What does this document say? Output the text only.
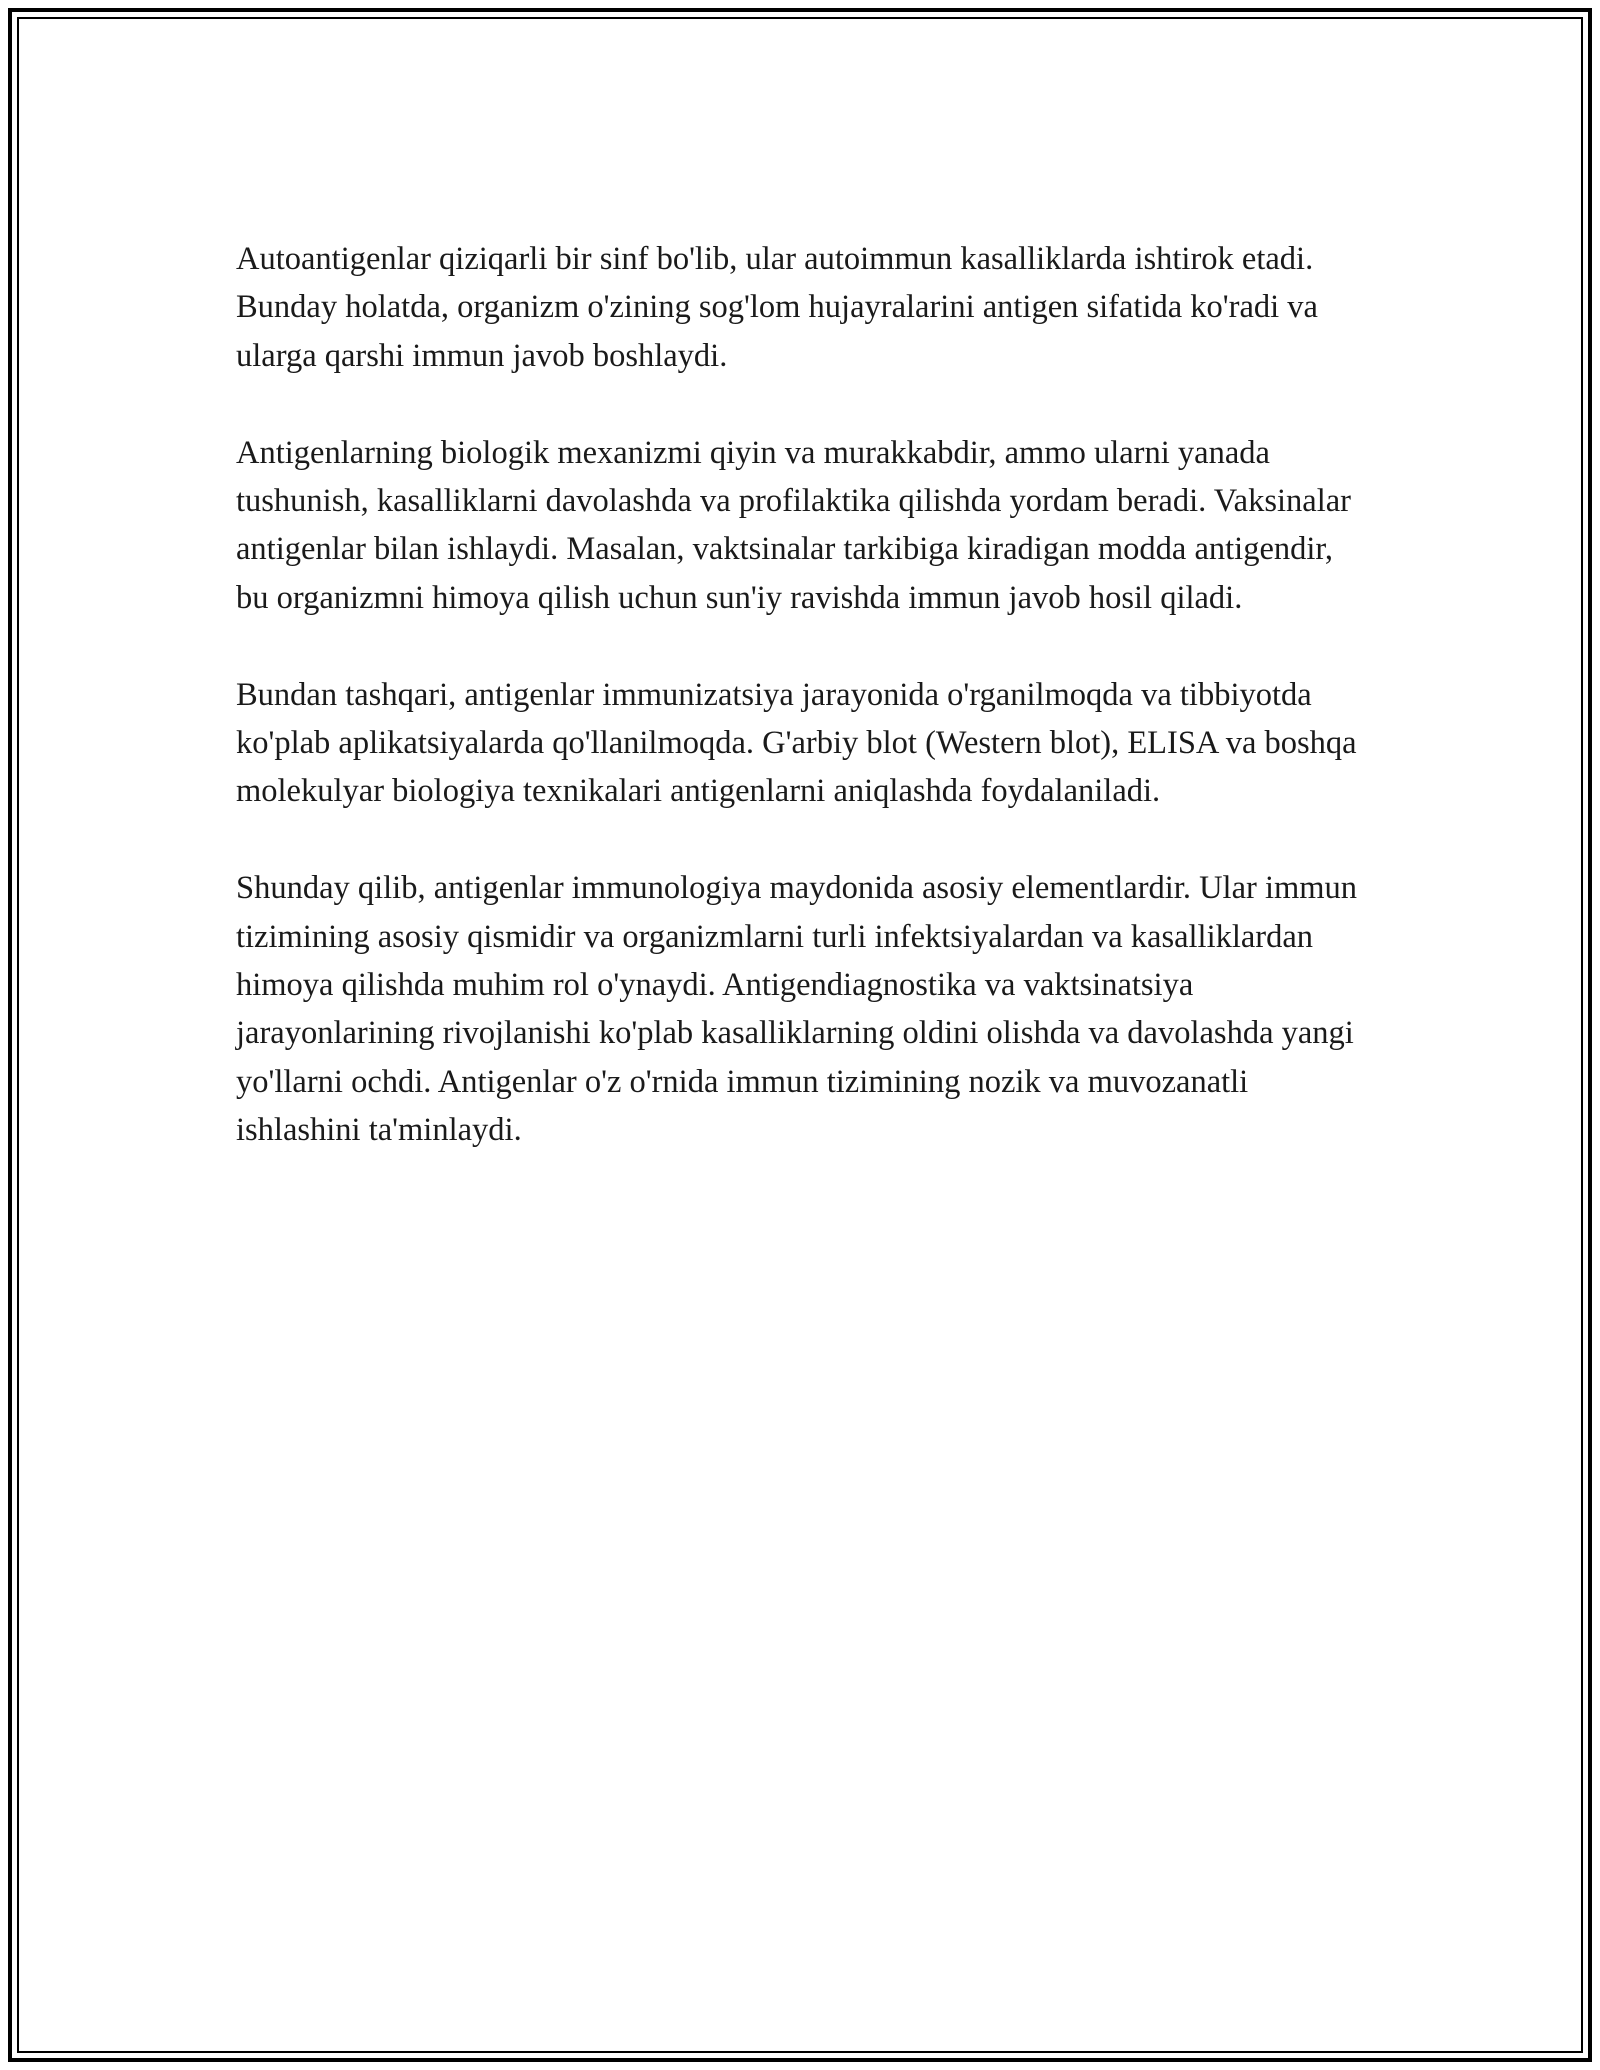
Autoantigenlar qiziqarli bir sinf bo'lib, ular autoimmun kasalliklarda ishtirok etadi. Bunday holatda, organizm o'zining sog'lom hujayralarini antigen sifatida ko'radi va ularga qarshi immun javob boshlaydi.

Antigenlarning biologik mexanizmi qiyin va murakkabdir, ammo ularni yanada tushunish, kasalliklarni davolashda va profilaktika qilishda yordam beradi. Vaksinalar antigenlar bilan ishlaydi. Masalan, vaktsinalar tarkibiga kiradigan modda antigendir, bu organizmni himoya qilish uchun sun'iy ravishda immun javob hosil qiladi.

Bundan tashqari, antigenlar immunizatsiya jarayonida o'rganilmoqda va tibbiyotda ko'plab aplikatsiyalarda qo'llanilmoqda. G'arbiy blot (Western blot), ELISA va boshqa molekulyar biologiya texnikalari antigenlarni aniqlashda foydalaniladi.

Shunday qilib, antigenlar immunologiya maydonida asosiy elementlardir. Ular immun tizimining asosiy qismidir va organizmlarni turli infektsiyalardan va kasalliklardan himoya qilishda muhim rol o'ynaydi. Antigendiagnostika va vaktsinatsiya jarayonlarining rivojlanishi ko'plab kasalliklarning oldini olishda va davolashda yangi yo'llarni ochdi. Antigenlar o'z o'rnida immun tizimining nozik va muvozanatli ishlashini ta'minlaydi.
